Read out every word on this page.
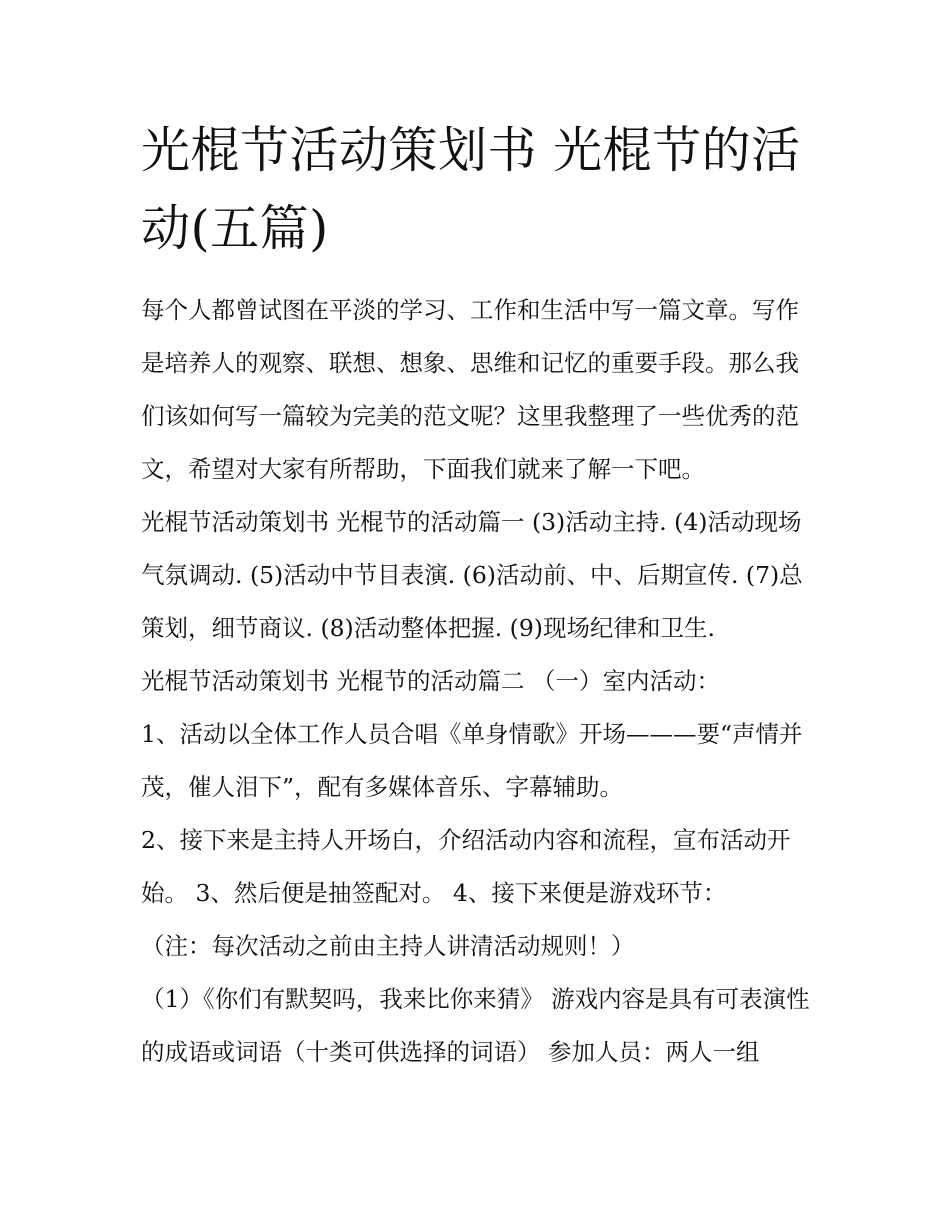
光棍节活动策划书 光棍节的活动(五篇)

每个人都曾试图在平淡的学习、工作和生活中写一篇文章。写作是培养人的观察、联想、想象、思维和记忆的重要手段。那么我们该如何写一篇较为完美的范文呢？这里我整理了一些优秀的范文，希望对大家有所帮助，下面我们就来了解一下吧。

光棍节活动策划书 光棍节的活动篇一 (3)活动主持. (4)活动现场气氛调动. (5)活动中节目表演. (6)活动前、中、后期宣传. (7)总策划，细节商议. (8)活动整体把握. (9)现场纪律和卫生.

光棍节活动策划书 光棍节的活动篇二 （一）室内活动：

1、活动以全体工作人员合唱《单身情歌》开场———要“声情并茂，催人泪下”，配有多媒体音乐、字幕辅助。

2、接下来是主持人开场白，介绍活动内容和流程，宣布活动开始。 3、然后便是抽签配对。 4、接下来便是游戏环节：

（注：每次活动之前由主持人讲清活动规则！）

（1）《你们有默契吗，我来比你来猜》 游戏内容是具有可表演性的成语或词语（十类可供选择的词语） 参加人员：两人一组
